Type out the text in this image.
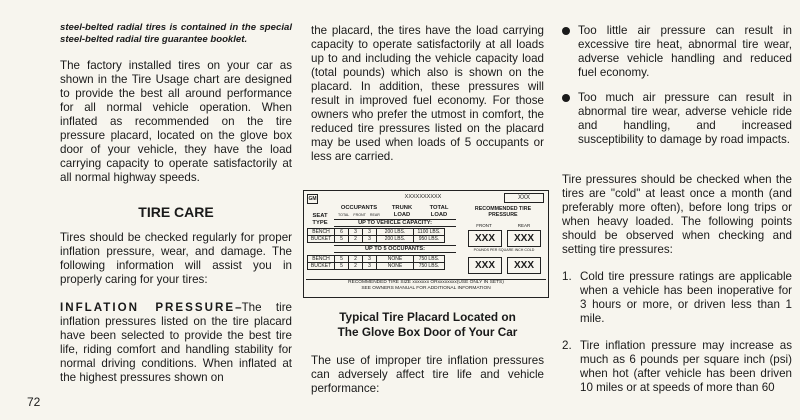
steel-belted radial tires is contained in the special steel-belted radial tire guarantee booklet.

The factory installed tires on your car as shown in the Tire Usage chart are designed to provide the best all around performance for all normal vehicle operation. When inflated as recommended on the tire pressure placard, located on the glove box door of your vehicle, they have the load carrying capacity to operate satisfactorily at all normal highway speeds.

TIRE CARE

Tires should be checked regularly for proper inflation pressure, wear, and damage. The following information will assist you in properly caring for your tires:

INFLATION PRESSURE–The tire inflation pressures listed on the tire placard have been selected to provide the best tire life, riding comfort and handling stability for normal driving conditions. When inflated at the highest pressures shown on

the placard, the tires have the load carrying capacity to operate satisfactorily at all loads up to and including the vehicle capacity load (total pounds) which also is shown on the placard. In addition, these pressures will result in improved fuel economy. For those owners who prefer the utmost in comfort, the reduced tire pressures listed on the placard may be used when loads of 5 occupants or less are carried.

GM	XXXXXXXXXX	XXX
SEAT TYPE
OCCUPANTS
TOTAL FRONT REAR
TRUNK LOAD
TOTAL LOAD
RECOMMENDED TIRE PRESSURE
FRONT	REAR
UP TO VEHICLE CAPACITY:
BENCH	6	3	3	200 LBS.	1100 LBS.
BUCKET	5	2	3	200 LBS.	950 LBS.
UP TO 5 OCCUPANTS:
BENCH	5	2	3	NONE	750 LBS.
BUCKET	5	2	3	NONE	750 LBS.
XXX	XXX
POUNDS PER SQUARE INCH COLD
XXX	XXX
RECOMMENDED TIRE SIZE xxxxxxx ORxxxxxxxx(USE ONLY IN SETS)
SEE OWNERS MANUAL FOR ADDITIONAL INFORMATION

Typical Tire Placard Located on

The Glove Box Door of Your Car

The use of improper tire inflation pressures can adversely affect tire life and vehicle performance:

Too little air pressure can result in excessive tire heat, abnormal tire wear, adverse vehicle handling and reduced fuel economy.

Too much air pressure can result in abnormal tire wear, adverse vehicle ride and handling, and increased susceptibility to damage by road impacts.

Tire pressures should be checked when the tires are "cold" at least once a month (and preferably more often), before long trips or when heavy loaded. The following points should be observed when checking and setting tire pressures:

1. Cold tire pressure ratings are applicable when a vehicle has been inoperative for 3 hours or more, or driven less than 1 mile.

2. Tire inflation pressure may increase as much as 6 pounds per square inch (psi) when hot (after vehicle has been driven 10 miles or at speeds of more than 60

72
